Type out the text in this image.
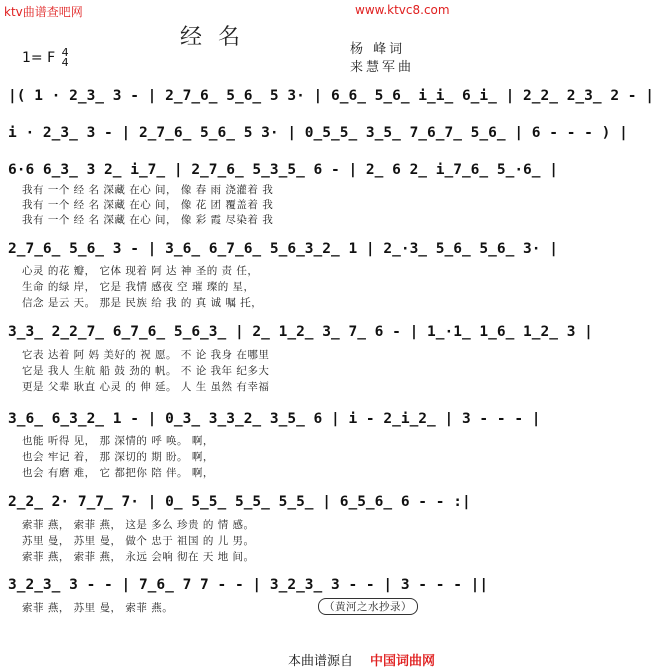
ktv曲谱查吧网	www.ktvc8.com
经名	杨 峰词
来慧军曲
1= F 4
4
|( 1 · 2̲3̲ 3 - | 2̲7̲6̲ 5̲6̲ 5 3· | 6̲6̲ 5̲6̲ i̲i̲ 6̲i̲ | 2̲2̲ 2̲3̲ 2 - |
i · 2̲3̲ 3 - | 2̲7̲6̲ 5̲6̲ 5 3· | 0̲5̲5̲ 3̲5̲ 7̲6̲7̲ 5̲6̲ | 6 - - - ) |
6·6 6̲3̲ 3 2̲ i̲7̲ | 2̲7̲6̲ 5̲3̲5̲ 6 - | 2̲ 6 2̲ i̲7̲6̲ 5̲·6̲ |
我有 一个 经 名 深藏 在心 间， 像 春 雨 浇灌着 我
我有 一个 经 名 深藏 在心 间， 像 花 团 覆盖着 我
我有 一个 经 名 深藏 在心 间， 像 彩 霞 尽染着 我
2̲7̲6̲ 5̲6̲ 3 - | 3̲6̲ 6̲7̲6̲ 5̲6̲3̲2̲ 1 | 2̲·3̲ 5̲6̲ 5̲6̲ 3· |
心灵 的花 瓣， 它体 现着 阿 达 神 圣的 责 任，
生命 的绿 岸， 它是 我情 感夜 空 璀 璨的 星，
信念 是云 天。 那是 民族 给 我 的 真 诚 嘱 托，
3̲3̲ 2̲2̲7̲ 6̲7̲6̲ 5̲6̲3̲ | 2̲ 1̲2̲ 3̲ 7̲ 6 - | 1̲·1̲ 1̲6̲ 1̲2̲ 3 |
它表 达着 阿 妈 美好的 祝 愿。 不 论 我身 在哪里
它是 我人 生航 船 鼓 劲的 帆。 不 论 我年 纪多大
更是 父辈 耿直 心灵 的 伸 延。 人 生 虽然 有幸福
3̲6̲ 6̲3̲2̲ 1 - | 0̲3̲ 3̲3̲2̲ 3̲5̲ 6 | i - 2̲i̲2̲ | 3 - - - |
也能 听得 见， 那 深情的 呼 唤。 啊，
也会 牢记 着， 那 深切的 期 盼。 啊，
也会 有磨 难， 它 都把你 陪 伴。 啊，
2̲2̲ 2· 7̲7̲ 7· | 0̲ 5̲5̲ 5̲5̲ 5̲5̲ | 6̲5̲6̲ 6 - - :|
索菲 燕， 索菲 燕， 这是 多么 珍贵 的 情 感。
苏里 曼， 苏里 曼， 做个 忠于 祖国 的 儿 男。
索菲 燕， 索菲 燕， 永远 会响 彻在 天 地 间。
3̲2̲3̲ 3 - - | 7̲6̲ 7 7 - - | 3̲2̲3̲ 3 - - | 3 - - - ||
索菲 燕， 苏里 曼， 索菲 燕。	（黄河之水抄录）
本曲谱源自 中国词曲网
